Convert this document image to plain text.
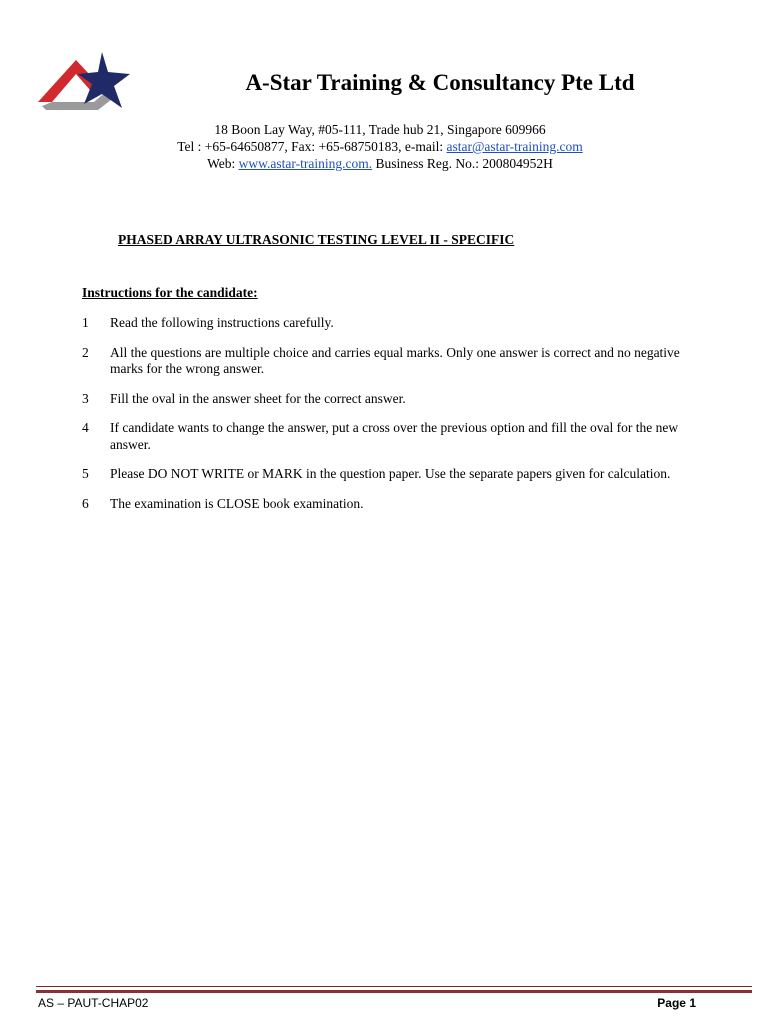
A-Star Training & Consultancy Pte Ltd
18 Boon Lay Way, #05-111, Trade hub 21, Singapore 609966
Tel : +65-64650877, Fax: +65-68750183, e-mail: astar@astar-training.com
Web: www.astar-training.com. Business Reg. No.: 200804952H
PHASED ARRAY ULTRASONIC TESTING LEVEL II - SPECIFIC
Instructions for the candidate:
1	Read the following instructions carefully.
2	All the questions are multiple choice and carries equal marks. Only one answer is correct and no negative marks for the wrong answer.
3	Fill the oval in the answer sheet for the correct answer.
4	If candidate wants to change the answer, put a cross over the previous option and fill the oval for the new answer.
5	Please DO NOT WRITE or MARK in the question paper. Use the separate papers given for calculation.
6	The examination is CLOSE book examination.
AS – PAUT-CHAP02	Page 1
